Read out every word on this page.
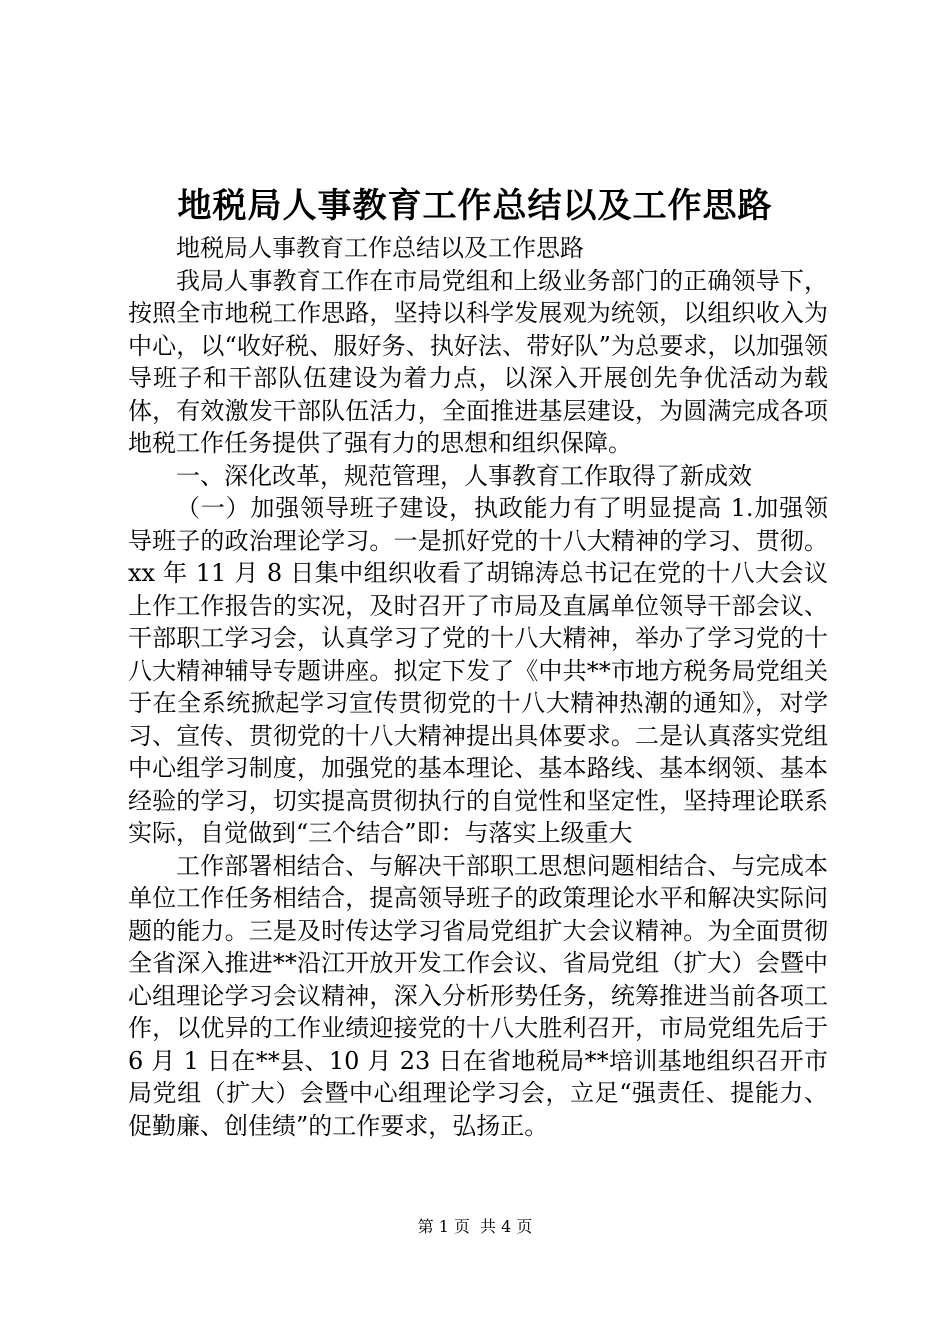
地税局人事教育工作总结以及工作思路

地税局人事教育工作总结以及工作思路

我局人事教育工作在市局党组和上级业务部门的正确领导下，按照全市地税工作思路，坚持以科学发展观为统领，以组织收入为中心，以“收好税、服好务、执好法、带好队”为总要求，以加强领导班子和干部队伍建设为着力点，以深入开展创先争优活动为载体，有效激发干部队伍活力，全面推进基层建设，为圆满完成各项地税工作任务提供了强有力的思想和组织保障。

一、深化改革，规范管理，人事教育工作取得了新成效

（一）加强领导班子建设，执政能力有了明显提高 1.加强领导班子的政治理论学习。一是抓好党的十八大精神的学习、贯彻。xx 年 11 月 8 日集中组织收看了胡锦涛总书记在党的十八大会议上作工作报告的实况，及时召开了市局及直属单位领导干部会议、干部职工学习会，认真学习了党的十八大精神，举办了学习党的十八大精神辅导专题讲座。拟定下发了《中共**市地方税务局党组关于在全系统掀起学习宣传贯彻党的十八大精神热潮的通知》，对学习、宣传、贯彻党的十八大精神提出具体要求。二是认真落实党组中心组学习制度，加强党的基本理论、基本路线、基本纲领、基本经验的学习，切实提高贯彻执行的自觉性和坚定性，坚持理论联系实际，自觉做到“三个结合”即：与落实上级重大

工作部署相结合、与解决干部职工思想问题相结合、与完成本单位工作任务相结合，提高领导班子的政策理论水平和解决实际问题的能力。三是及时传达学习省局党组扩大会议精神。为全面贯彻全省深入推进**沿江开放开发工作会议、省局党组（扩大）会暨中心组理论学习会议精神，深入分析形势任务，统筹推进当前各项工作，以优异的工作业绩迎接党的十八大胜利召开，市局党组先后于 6 月 1 日在**县、10 月 23 日在省地税局**培训基地组织召开市局党组（扩大）会暨中心组理论学习会，立足“强责任、提能力、促勤廉、创佳绩”的工作要求，弘扬正。

第 1 页 共 4 页
